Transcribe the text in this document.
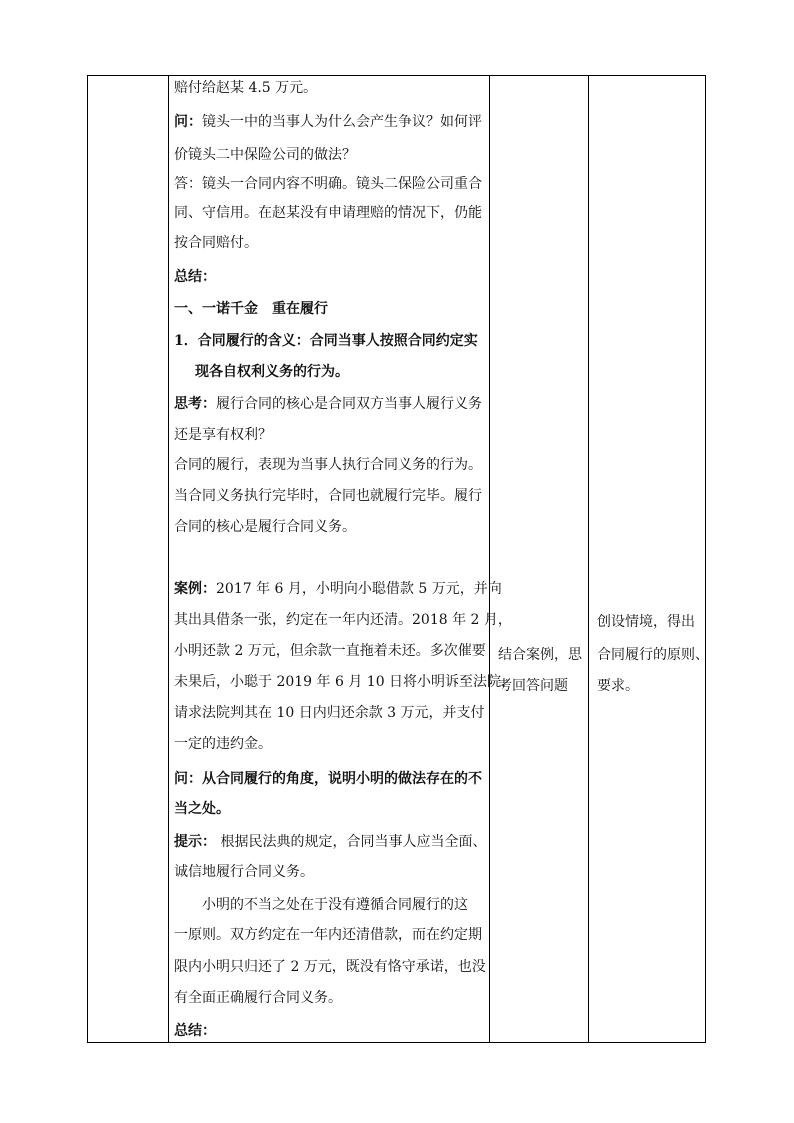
赔付给赵某 4.5 万元。
问：镜头一中的当事人为什么会产生争议？如何评
价镜头二中保险公司的做法？
答：镜头一合同内容不明确。镜头二保险公司重合
同、守信用。在赵某没有申请理赔的情况下，仍能
按合同赔付。
总结：
一、一诺千金　重在履行
1．合同履行的含义：合同当事人按照合同约定实
现各自权利义务的行为。
思考：履行合同的核心是合同双方当事人履行义务
还是享有权利？
合同的履行，表现为当事人执行合同义务的行为。
当合同义务执行完毕时，合同也就履行完毕。履行
合同的核心是履行合同义务。
案例：2017 年 6 月，小明向小聪借款 5 万元，并向
其出具借条一张，约定在一年内还清。2018 年 2 月，
小明还款 2 万元，但余款一直拖着未还。多次催要
未果后，小聪于 2019 年 6 月 10 日将小明诉至法院，
请求法院判其在 10 日内归还余款 3 万元，并支付
一定的违约金。
问：从合同履行的角度，说明小明的做法存在的不
当之处。
提示： 根据民法典的规定，合同当事人应当全面、
诚信地履行合同义务。
　　小明的不当之处在于没有遵循合同履行的这
一原则。双方约定在一年内还清借款，而在约定期
限内小明只归还了 2 万元，既没有恪守承诺，也没
有全面正确履行合同义务。
总结：
结合案例，思
考回答问题
创设情境，得出
合同履行的原则、
要求。
